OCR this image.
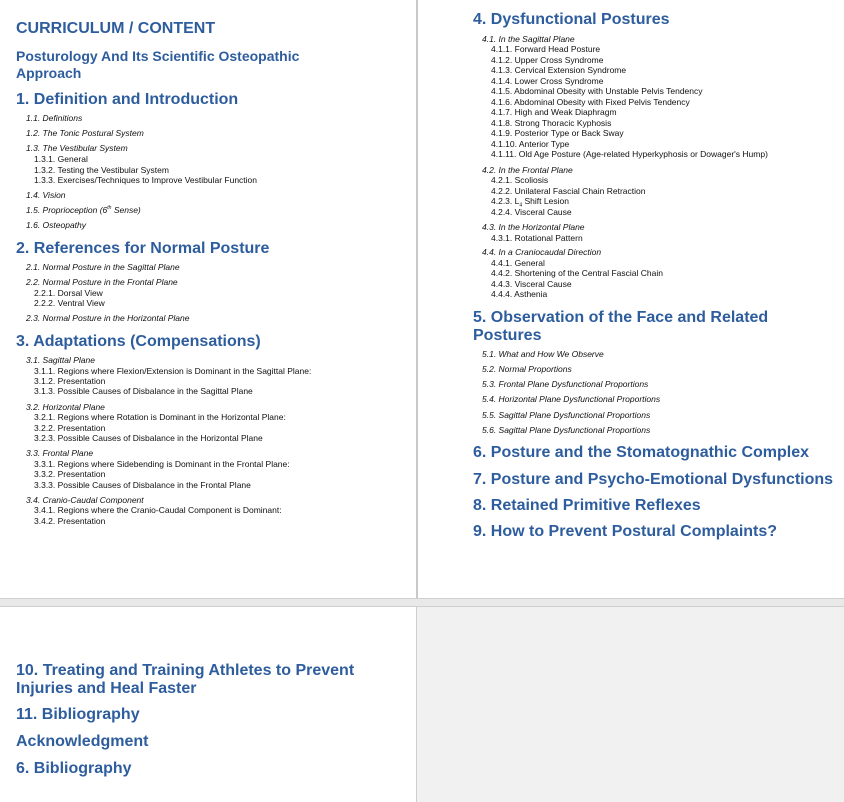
CURRICULUM / CONTENT
Posturology And Its Scientific Osteopathic
Approach
1. Definition and Introduction
1.1. Definitions
1.2. The Tonic Postural System
1.3. The Vestibular System
1.3.1. General
1.3.2. Testing the Vestibular System
1.3.3. Exercises/Techniques to Improve Vestibular Function
1.4. Vision
1.5. Proprioception (6th Sense)
1.6. Osteopathy
2. References for Normal Posture
2.1. Normal Posture in the Sagittal Plane
2.2. Normal Posture in the Frontal Plane
2.2.1. Dorsal View
2.2.2. Ventral View
2.3. Normal Posture in the Horizontal Plane
3. Adaptations (Compensations)
3.1. Sagittal Plane
3.1.1. Regions where Flexion/Extension is Dominant in the Sagittal Plane:
3.1.2. Presentation
3.1.3. Possible Causes of Disbalance in the Sagittal Plane
3.2. Horizontal Plane
3.2.1. Regions where Rotation is Dominant in the Horizontal Plane:
3.2.2. Presentation
3.2.3. Possible Causes of Disbalance in the Horizontal Plane
3.3. Frontal Plane
3.3.1. Regions where Sidebending is Dominant in the Frontal Plane:
3.3.2. Presentation
3.3.3. Possible Causes of Disbalance in the Frontal Plane
3.4. Cranio-Caudal Component
3.4.1. Regions where the Cranio-Caudal Component is Dominant:
3.4.2. Presentation
4. Dysfunctional Postures
4.1. In the Sagittal Plane
4.1.1. Forward Head Posture
4.1.2. Upper Cross Syndrome
4.1.3. Cervical Extension Syndrome
4.1.4. Lower Cross Syndrome
4.1.5. Abdominal Obesity with Unstable Pelvis Tendency
4.1.6. Abdominal Obesity with Fixed Pelvis Tendency
4.1.7. High and Weak Diaphragm
4.1.8. Strong Thoracic Kyphosis
4.1.9. Posterior Type or Back Sway
4.1.10. Anterior Type
4.1.11. Old Age Posture (Age-related Hyperkyphosis or Dowager's Hump)
4.2. In the Frontal Plane
4.2.1. Scoliosis
4.2.2. Unilateral Fascial Chain Retraction
4.2.3. $L_4$ Shift Lesion
4.2.4. Visceral Cause
4.3. In the Horizontal Plane
4.3.1. Rotational Pattern
4.4. In a Craniocaudal Direction
4.4.1. General
4.4.2. Shortening of the Central Fascial Chain
4.4.3. Visceral Cause
4.4.4. Asthenia
5. Observation of the Face and Related
Postures
5.1. What and How We Observe
5.2. Normal Proportions
5.3. Frontal Plane Dysfunctional Proportions
5.4. Horizontal Plane Dysfunctional Proportions
5.5. Sagittal Plane Dysfunctional Proportions
5.6. Sagittal Plane Dysfunctional Proportions
6. Posture and the Stomatognathic Complex
7. Posture and Psycho-Emotional Dysfunctions
8. Retained Primitive Reflexes
9. How to Prevent Postural Complaints?
10. Treating and Training Athletes to Prevent
Injuries and Heal Faster
11. Bibliography
Acknowledgment
6. Bibliography
